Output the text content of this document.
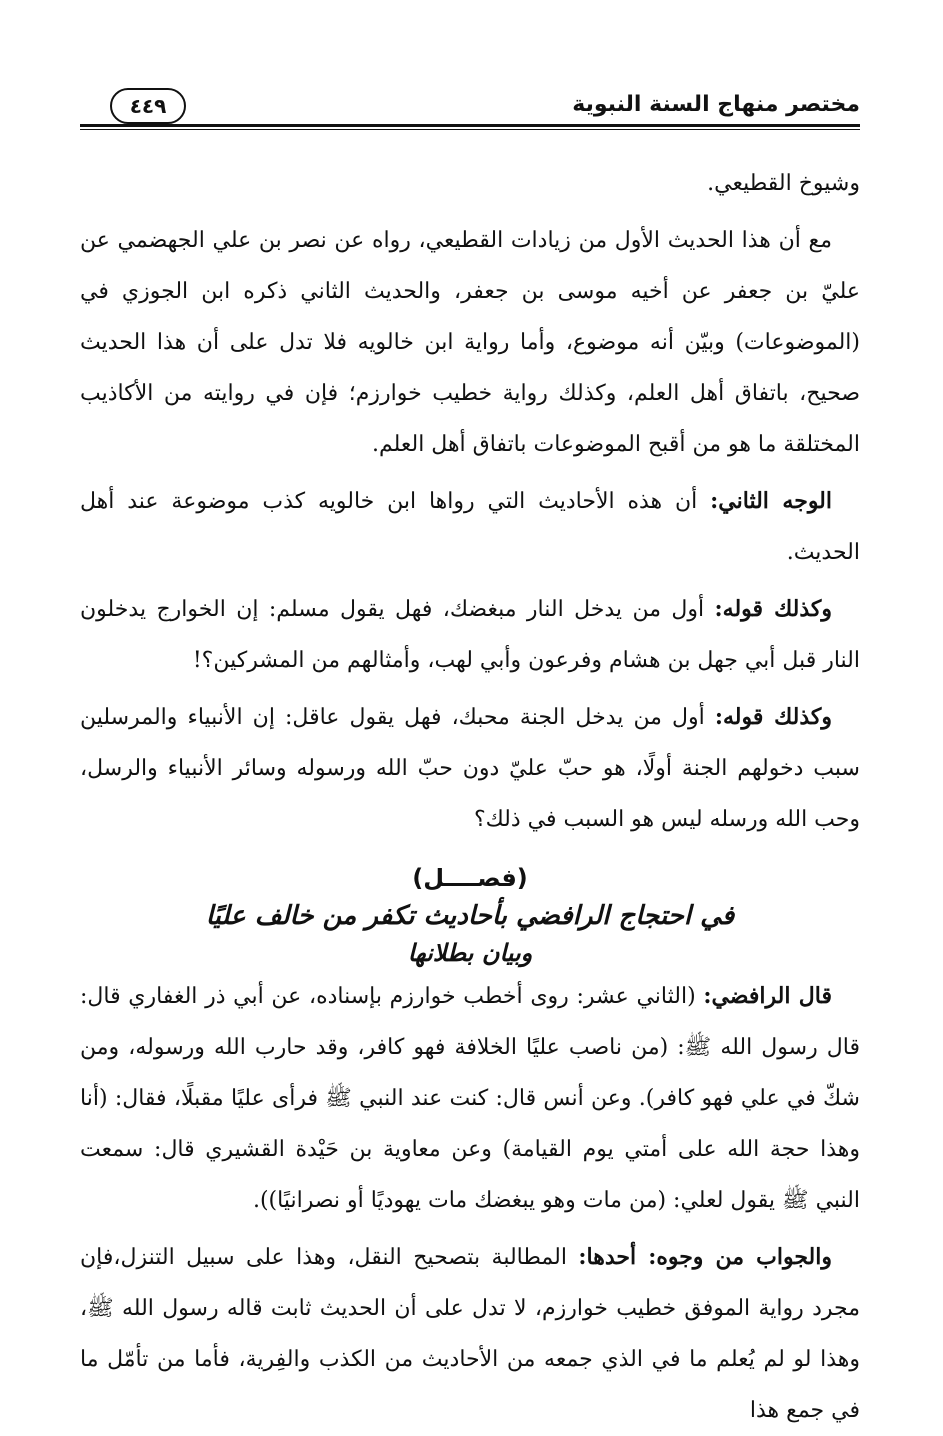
مختصر منهاج السنة النبوية
٤٤٩

وشيوخ القطيعي.

مع أن هذا الحديث الأول من زيادات القطيعي، رواه عن نصر بن علي الجهضمي عن عليّ بن جعفر عن أخيه موسى بن جعفر، والحديث الثاني ذكره ابن الجوزي في (الموضوعات) وبيّن أنه موضوع، وأما رواية ابن خالويه فلا تدل على أن هذا الحديث صحيح، باتفاق أهل العلم، وكذلك رواية خطيب خوارزم؛ فإن في روايته من الأكاذيب المختلقة ما هو من أقبح الموضوعات باتفاق أهل العلم.

الوجه الثاني: أن هذه الأحاديث التي رواها ابن خالويه كذب موضوعة عند أهل الحديث.

وكذلك قوله: أول من يدخل النار مبغضك، فهل يقول مسلم: إن الخوارج يدخلون النار قبل أبي جهل بن هشام وفرعون وأبي لهب، وأمثالهم من المشركين؟!

وكذلك قوله: أول من يدخل الجنة محبك، فهل يقول عاقل: إن الأنبياء والمرسلين سبب دخولهم الجنة أولًا، هو حبّ عليّ دون حبّ الله ورسوله وسائر الأنبياء والرسل، وحب الله ورسله ليس هو السبب في ذلك؟

(فصــــل)
في احتجاج الرافضي بأحاديث تكفر من خالف عليًا
وبيان بطلانها

قال الرافضي: (الثاني عشر: روى أخطب خوارزم بإسناده، عن أبي ذر الغفاري قال: قال رسول الله ﷺ: (من ناصب عليًا الخلافة فهو كافر، وقد حارب الله ورسوله، ومن شكّ في علي فهو كافر). وعن أنس قال: كنت عند النبي ﷺ فرأى عليًا مقبلًا، فقال: (أنا وهذا حجة الله على أمتي يوم القيامة) وعن معاوية بن حَيْدة القشيري قال: سمعت النبي ﷺ يقول لعلي: (من مات وهو يبغضك مات يهوديًا أو نصرانيًا)).

والجواب من وجوه: أحدها: المطالبة بتصحيح النقل، وهذا على سبيل التنزل،فإن مجرد رواية الموفق خطيب خوارزم، لا تدل على أن الحديث ثابت قاله رسول الله ﷺ، وهذا لو لم يُعلم ما في الذي جمعه من الأحاديث من الكذب والفِرية، فأما من تأمّل ما في جمع هذا
